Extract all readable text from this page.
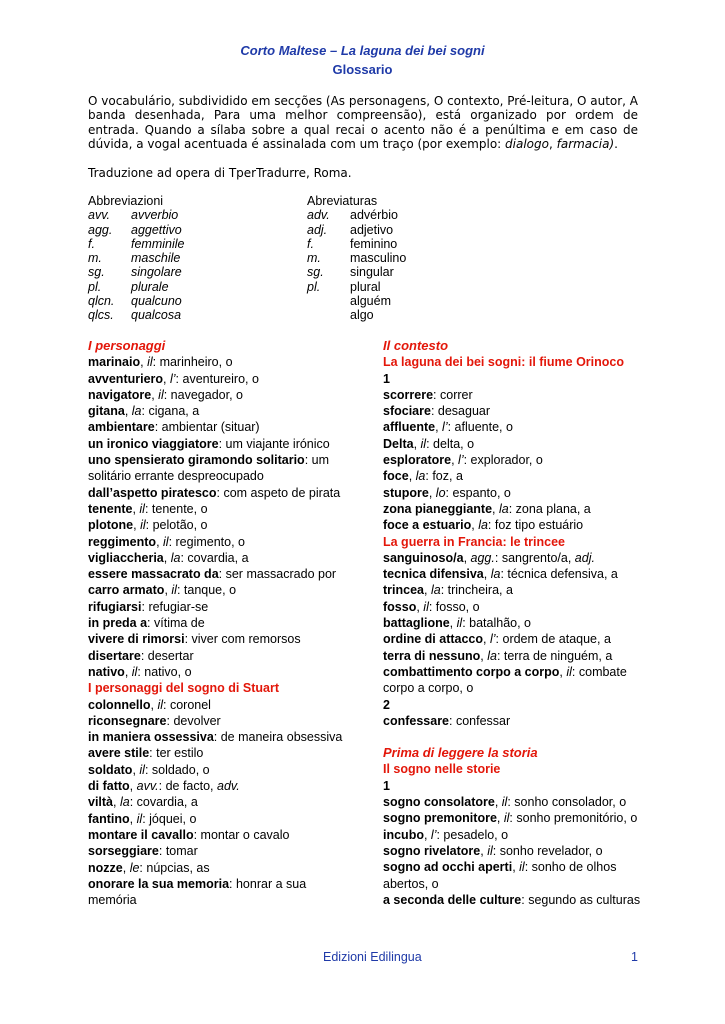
Corto Maltese – La laguna dei bei sogni
Glossario
O vocabulário, subdividido em secções (As personagens, O contexto, Pré-leitura, O autor, A banda desenhada, Para uma melhor compreensão), está organizado por ordem de entrada. Quando a sílaba sobre a qual recai o acento não é a penúltima e em caso de dúvida, a vogal acentuada é assinalada com um traço (por exemplo: dialogo, farmacia).
Traduzione ad opera di TperTradurre, Roma.
Abbreviazioni
avv.	avverbio
agg.	aggettivo
f.	femminile
m.	maschile
sg.	singolare
pl.	plurale
qlcn.	qualcuno
qlcs.	qualcosa
Abreviaturas
adv.	advérbio
adj.	adjetivo
f.	feminino
m.	masculino
sg.	singular
pl.	plural
	alguém
	algo
I personaggi
marinaio, il: marinheiro, o
avventuriero, l’: aventureiro, o
navigatore, il: navegador, o
gitana, la: cigana, a
ambientare: ambientar (situar)
un ironico viaggiatore: um viajante irónico
uno spensierato giramondo solitario: um solitário errante despreocupado
dall’aspetto piratesco: com aspeto de pirata
tenente, il: tenente, o
plotone, il: pelotão, o
reggimento, il: regimento, o
vigliaccheria, la: covardia, a
essere massacrato da: ser massacrado por
carro armato, il: tanque, o
rifugiarsi: refugiar-se
in preda a: vítima de
vivere di rimorsi: viver com remorsos
disertare: desertar
nativo, il: nativo, o
I personaggi del sogno di Stuart
colonnello, il: coronel
riconsegnare: devolver
in maniera ossessiva: de maneira obsessiva
avere stile: ter estilo
soldato, il: soldado, o
di fatto, avv.: de facto, adv.
viltà, la: covardia, a
fantino, il: jóquei, o
montare il cavallo: montar o cavalo
sorseggiare: tomar
nozze, le: núpcias, as
onorare la sua memoria: honrar a sua memória
Il contesto
La laguna dei bei sogni: il fiume Orinoco
1
scorrere: correr
sfociare: desaguar
affluente, l’: afluente, o
Delta, il: delta, o
esploratore, l’: explorador, o
foce, la: foz, a
stupore, lo: espanto, o
zona pianeggiante, la: zona plana, a
foce a estuario, la: foz tipo estuário
La guerra in Francia: le trincee
sanguinoso/a, agg.: sangrento/a, adj.
tecnica difensiva, la: técnica defensiva, a
trincea, la: trincheira, a
fosso, il: fosso, o
battaglione, il: batalhão, o
ordine di attacco, l’: ordem de ataque, a
terra di nessuno, la: terra de ninguém, a
combattimento corpo a corpo, il: combate corpo a corpo, o
2
confessare: confessar
Prima di leggere la storia
Il sogno nelle storie
1
sogno consolatore, il: sonho consolador, o
sogno premonitore, il: sonho premonitório, o
incubo, l’: pesadelo, o
sogno rivelatore, il: sonho revelador, o
sogno ad occhi aperti, il: sonho de olhos abertos, o
a seconda delle culture: segundo as culturas
Edizioni Edilingua	1
